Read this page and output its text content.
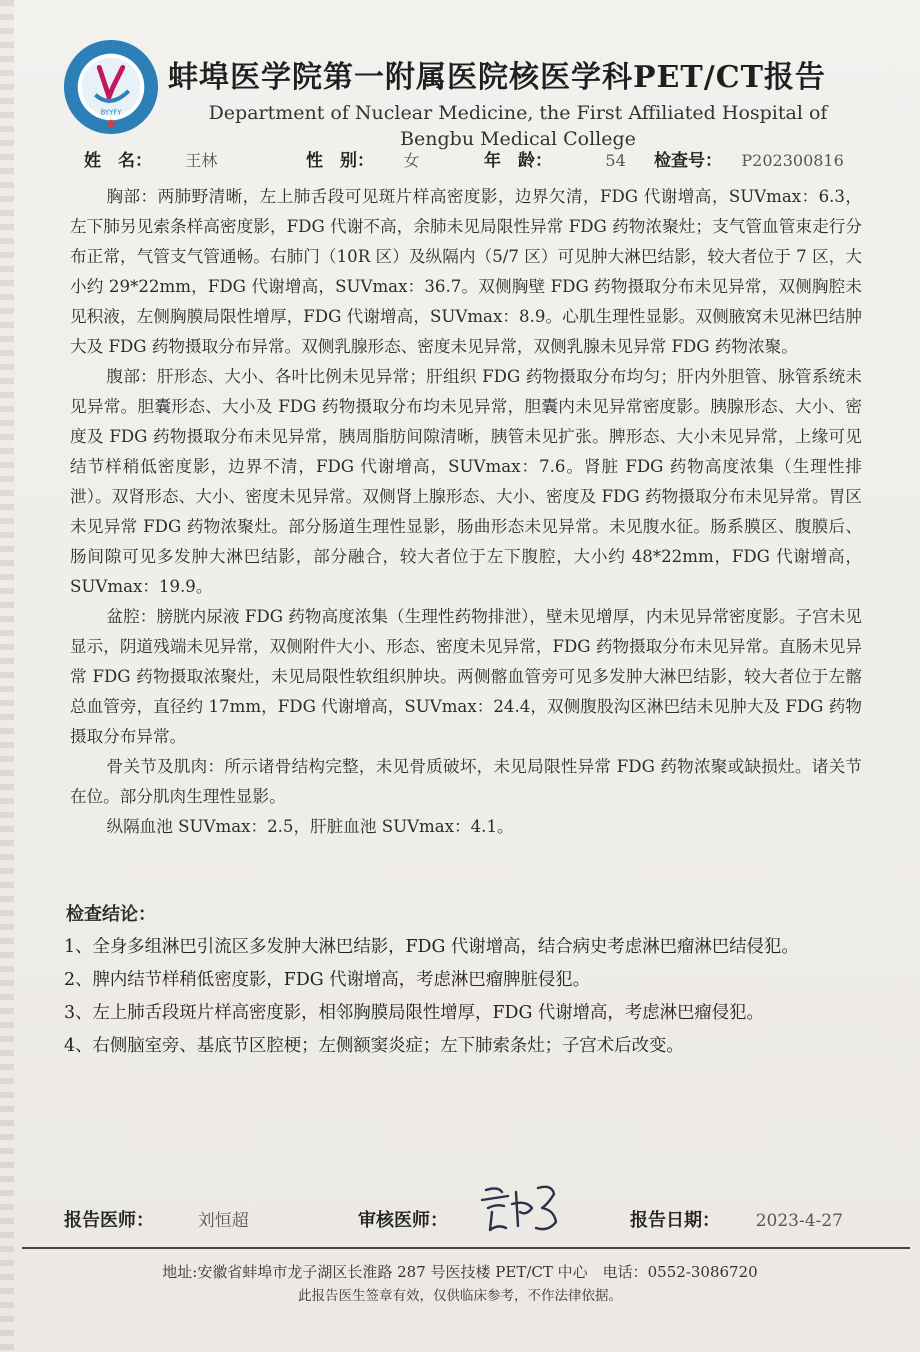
BYYFY
蚌埠医学院第一附属医院核医学科PET/CT报告
Department of Nuclear Medicine, the First Affiliated Hospital of Bengbu Medical College
姓　名： 王林	性　别： 女	年　龄：	54 检查号： P202300816

胸部：两肺野清晰，左上肺舌段可见斑片样高密度影，边界欠清，FDG 代谢增高，SUVmax：6.3，左下肺另见索条样高密度影，FDG 代谢不高，余肺未见局限性异常 FDG 药物浓聚灶；支气管血管束走行分布正常，气管支气管通畅。右肺门（10R 区）及纵隔内（5/7 区）可见肿大淋巴结影，较大者位于 7 区，大小约 29*22mm，FDG 代谢增高，SUVmax：36.7。双侧胸壁 FDG 药物摄取分布未见异常，双侧胸腔未见积液，左侧胸膜局限性增厚，FDG 代谢增高，SUVmax：8.9。心肌生理性显影。双侧腋窝未见淋巴结肿大及 FDG 药物摄取分布异常。双侧乳腺形态、密度未见异常，双侧乳腺未见异常 FDG 药物浓聚。

腹部：肝形态、大小、各叶比例未见异常；肝组织 FDG 药物摄取分布均匀；肝内外胆管、脉管系统未见异常。胆囊形态、大小及 FDG 药物摄取分布均未见异常，胆囊内未见异常密度影。胰腺形态、大小、密度及 FDG 药物摄取分布未见异常，胰周脂肪间隙清晰，胰管未见扩张。脾形态、大小未见异常，上缘可见结节样稍低密度影，边界不清，FDG 代谢增高，SUVmax：7.6。肾脏 FDG 药物高度浓集（生理性排泄）。双肾形态、大小、密度未见异常。双侧肾上腺形态、大小、密度及 FDG 药物摄取分布未见异常。胃区未见异常 FDG 药物浓聚灶。部分肠道生理性显影，肠曲形态未见异常。未见腹水征。肠系膜区、腹膜后、肠间隙可见多发肿大淋巴结影，部分融合，较大者位于左下腹腔，大小约 48*22mm，FDG 代谢增高，SUVmax：19.9。

盆腔：膀胱内尿液 FDG 药物高度浓集（生理性药物排泄），壁未见增厚，内未见异常密度影。子宫未见显示，阴道残端未见异常，双侧附件大小、形态、密度未见异常，FDG 药物摄取分布未见异常。直肠未见异常 FDG 药物摄取浓聚灶，未见局限性软组织肿块。两侧髂血管旁可见多发肿大淋巴结影，较大者位于左髂总血管旁，直径约 17mm，FDG 代谢增高，SUVmax：24.4，双侧腹股沟区淋巴结未见肿大及 FDG 药物摄取分布异常。

骨关节及肌肉：所示诸骨结构完整，未见骨质破坏，未见局限性异常 FDG 药物浓聚或缺损灶。诸关节在位。部分肌肉生理性显影。

纵隔血池 SUVmax：2.5，肝脏血池 SUVmax：4.1。

检查结论：

1、全身多组淋巴引流区多发肿大淋巴结影，FDG 代谢增高，结合病史考虑淋巴瘤淋巴结侵犯。

2、脾内结节样稍低密度影，FDG 代谢增高，考虑淋巴瘤脾脏侵犯。

3、左上肺舌段斑片样高密度影，相邻胸膜局限性增厚，FDG 代谢增高，考虑淋巴瘤侵犯。

4、右侧脑室旁、基底节区腔梗；左侧额窦炎症；左下肺索条灶；子宫术后改变。

报告医师：	刘恒超	审核医师：	报告日期： 2023-4-27
地址:安徽省蚌埠市龙子湖区长淮路 287 号医技楼 PET/CT 中心　电话：0552-3086720
此报告医生签章有效，仅供临床参考，不作法律依据。
